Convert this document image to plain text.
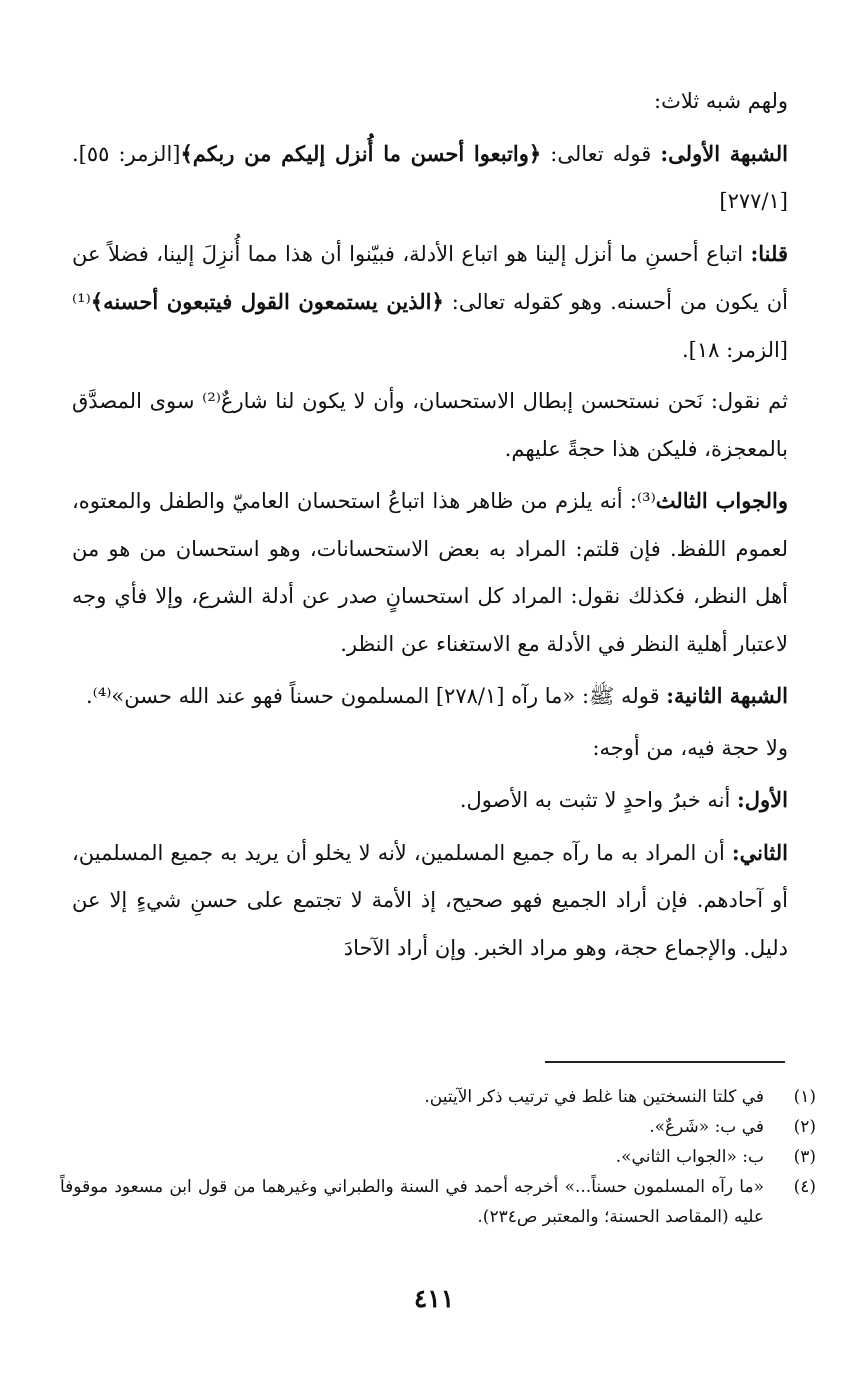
ولهم شبه ثلاث:

الشبهة الأولى: قوله تعالى: ﴿واتبعوا أحسن ما أُنزل إليكم من ربكم﴾[الزمر: ٥٥]. [٢٧٧/١]

قلنا: اتباع أحسنِ ما أنزل إلينا هو اتباع الأدلة، فبيّنوا أن هذا مما أُنزِلَ إلينا، فضلاً عن أن يكون من أحسنه. وهو كقوله تعالى: ﴿الذين يستمعون القول فيتبعون أحسنه﴾⁽¹⁾ [الزمر: ١٨].

ثم نقول: نَحن نستحسن إبطال الاستحسان، وأن لا يكون لنا شارعٌ⁽²⁾ سوى المصدَّق بالمعجزة، فليكن هذا حجةً عليهم.

والجواب الثالث⁽³⁾: أنه يلزم من ظاهر هذا اتباعُ استحسان العاميّ والطفل والمعتوه، لعموم اللفظ. فإن قلتم: المراد به بعض الاستحسانات، وهو استحسان من هو من أهل النظر، فكذلك نقول: المراد كل استحسانٍ صدر عن أدلة الشرع، وإلا فأي وجه لاعتبار أهلية النظر في الأدلة مع الاستغناء عن النظر.

الشبهة الثانية: قوله ﷺ: «ما رآه [٢٧٨/١] المسلمون حسناً فهو عند الله حسن»⁽⁴⁾.

ولا حجة فيه، من أوجه:

الأول: أنه خبرُ واحدٍ لا تثبت به الأصول.

الثاني: أن المراد به ما رآه جميع المسلمين، لأنه لا يخلو أن يريد به جميع المسلمين، أو آحادهم. فإن أراد الجميع فهو صحيح، إذ الأمة لا تجتمع على حسنِ شيءٍ إلا عن دليل. والإجماع حجة، وهو مراد الخبر. وإن أراد الآحادَ

(١)
في كلتا النسختين هنا غلط في ترتيب ذكر الآيتين.
(٢)
في ب: «شَرعٌ».
(٣)
ب: «الجواب الثاني».
(٤)
«ما رآه المسلمون حسناً...» أخرجه أحمد في السنة والطبراني وغيرهما من قول ابن مسعود موقوفاً عليه (المقاصد الحسنة؛ والمعتبر ص٢٣٤).
٤١١
